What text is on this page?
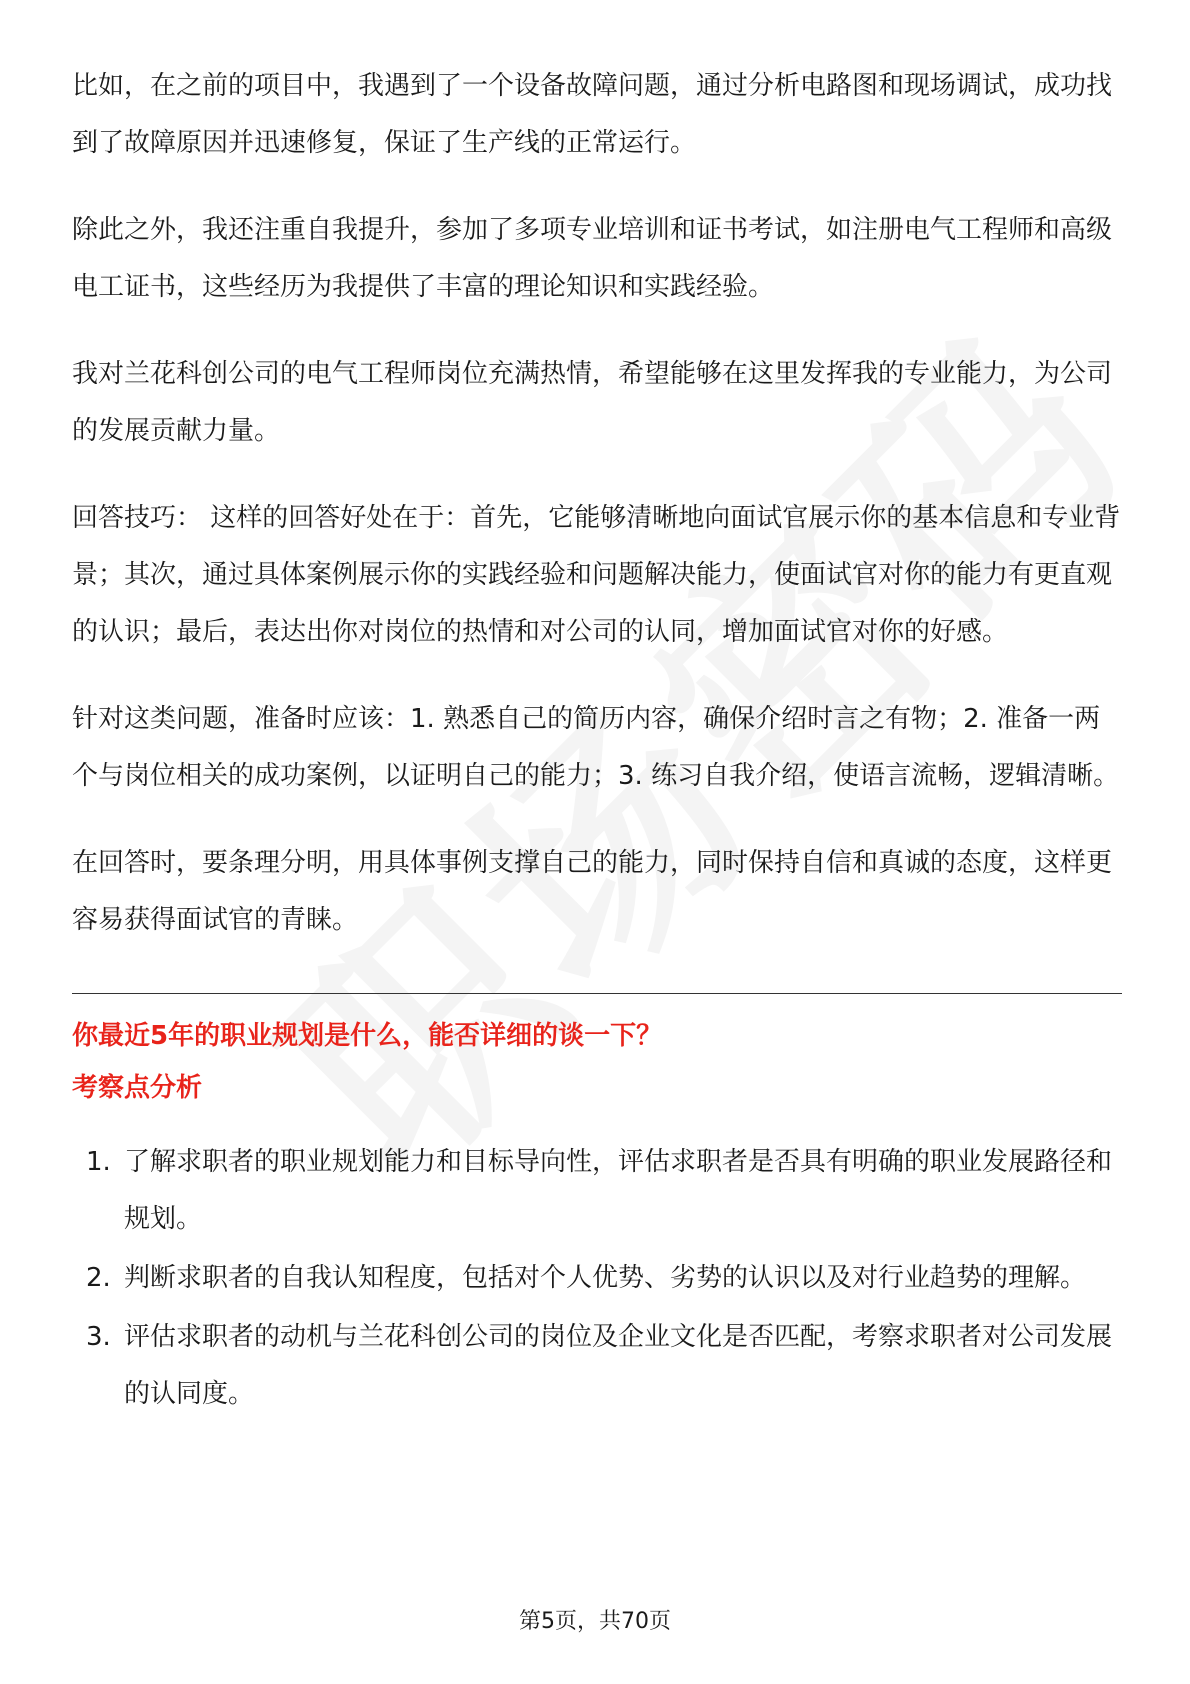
比如，在之前的项目中，我遇到了一个设备故障问题，通过分析电路图和现场调试，成功找到了故障原因并迅速修复，保证了生产线的正常运行。

除此之外，我还注重自我提升，参加了多项专业培训和证书考试，如注册电气工程师和高级电工证书，这些经历为我提供了丰富的理论知识和实践经验。

我对兰花科创公司的电气工程师岗位充满热情，希望能够在这里发挥我的专业能力，为公司的发展贡献力量。

回答技巧： 这样的回答好处在于：首先，它能够清晰地向面试官展示你的基本信息和专业背景；其次，通过具体案例展示你的实践经验和问题解决能力，使面试官对你的能力有更直观的认识；最后，表达出你对岗位的热情和对公司的认同，增加面试官对你的好感。

针对这类问题，准备时应该：1. 熟悉自己的简历内容，确保介绍时言之有物；2. 准备一两个与岗位相关的成功案例，以证明自己的能力；3. 练习自我介绍，使语言流畅，逻辑清晰。

在回答时，要条理分明，用具体事例支撑自己的能力，同时保持自信和真诚的态度，这样更容易获得面试官的青睐。

你最近5年的职业规划是什么，能否详细的谈一下？
考察点分析
1. 了解求职者的职业规划能力和目标导向性，评估求职者是否具有明确的职业发展路径和规划。
2. 判断求职者的自我认知程度，包括对个人优势、劣势的认识以及对行业趋势的理解。
3. 评估求职者的动机与兰花科创公司的岗位及企业文化是否匹配，考察求职者对公司发展的认同度。
第5页，共70页
